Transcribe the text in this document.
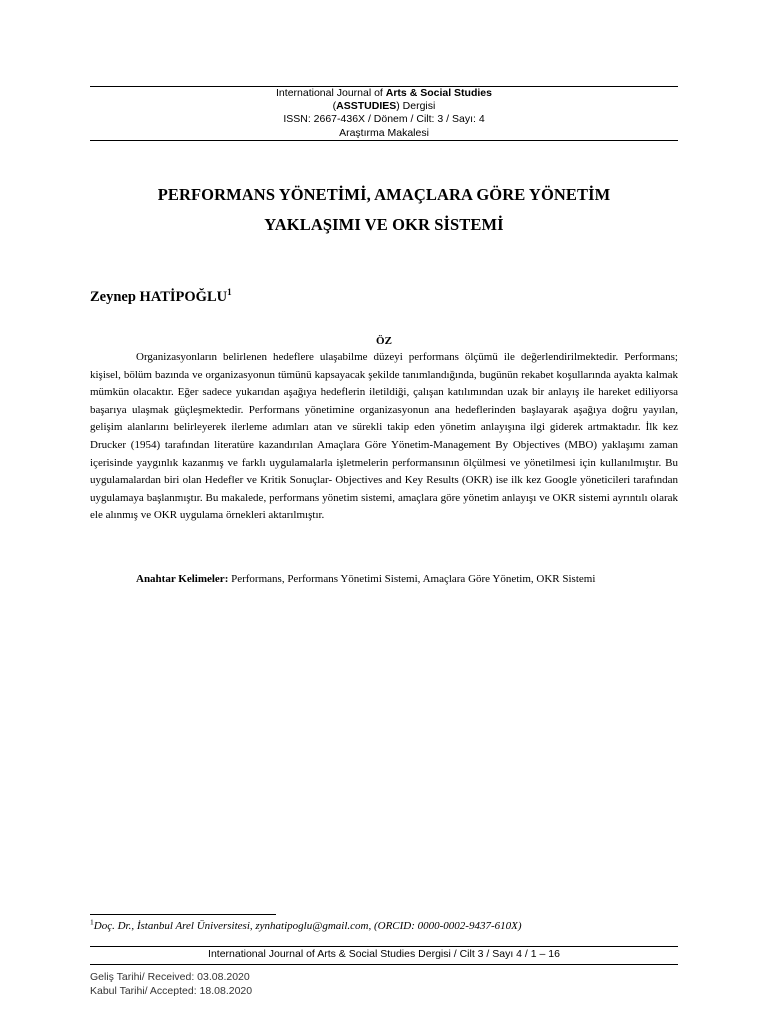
International Journal of Arts & Social Studies
(ASSTUDIES) Dergisi
ISSN: 2667-436X / Dönem / Cilt: 3 / Sayı: 4
Araştırma Makalesi
PERFORMANS YÖNETİMİ, AMAÇLARA GÖRE YÖNETİM
YAKLAŞIMI VE OKR SİSTEMİ
Zeynep HATİPOĞLU$^1$
ÖZ

Organizasyonların belirlenen hedeflere ulaşabilme düzeyi performans ölçümü ile değerlendirilmektedir. Performans; kişisel, bölüm bazında ve organizasyonun tümünü kapsayacak şekilde tanımlandığında, bugünün rekabet koşullarında ayakta kalmak mümkün olacaktır. Eğer sadece yukarıdan aşağıya hedeflerin iletildiği, çalışan katılımından uzak bir anlayış ile hareket ediliyorsa başarıya ulaşmak güçleşmektedir. Performans yönetimine organizasyonun ana hedeflerinden başlayarak aşağıya doğru yayılan, gelişim alanlarını belirleyerek ilerleme adımları atan ve sürekli takip eden yönetim anlayışına ilgi giderek artmaktadır. İlk kez Drucker (1954) tarafından literatüre kazandırılan Amaçlara Göre Yönetim-Management By Objectives (MBO) yaklaşımı zaman içerisinde yaygınlık kazanmış ve farklı uygulamalarla işletmelerin performansının ölçülmesi ve yönetilmesi için kullanılmıştır. Bu uygulamalardan biri olan Hedefler ve Kritik Sonuçlar- Objectives and Key Results (OKR) ise ilk kez Google yöneticileri tarafından uygulamaya başlanmıştır. Bu makalede, performans yönetim sistemi, amaçlara göre yönetim anlayışı ve OKR sistemi ayrıntılı olarak ele alınmış ve OKR uygulama örnekleri aktarılmıştır.

Anahtar Kelimeler: Performans, Performans Yönetimi Sistemi, Amaçlara Göre Yönetim, OKR Sistemi
$^1$Doç. Dr., İstanbul Arel Üniversitesi, zynhatipoglu@gmail.com, (ORCID: 0000-0002-9437-610X)
International Journal of Arts & Social Studies Dergisi / Cilt 3 / Sayı 4 / 1 – 16
Geliş Tarihi/ Received: 03.08.2020
Kabul Tarihi/ Accepted: 18.08.2020
